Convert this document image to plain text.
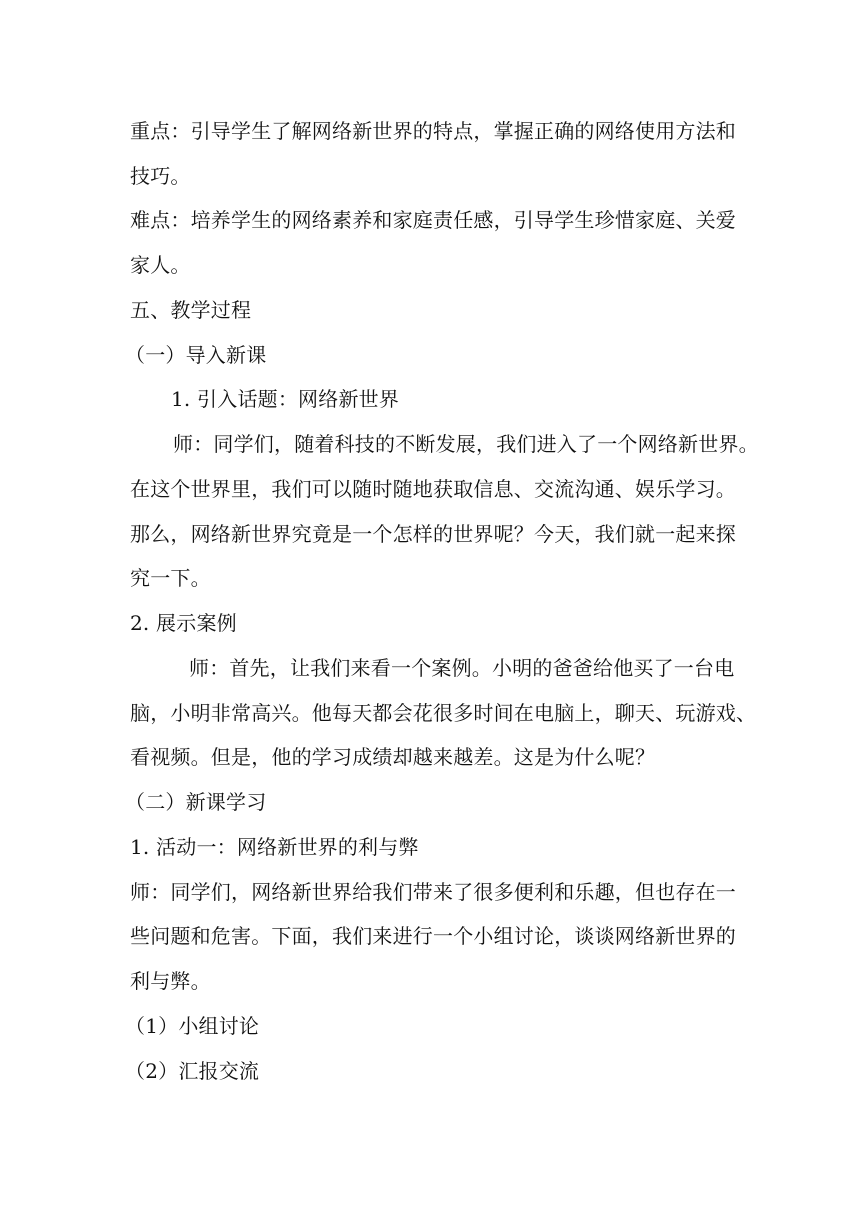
重点：引导学生了解网络新世界的特点，掌握正确的网络使用方法和
技巧。
难点：培养学生的网络素养和家庭责任感，引导学生珍惜家庭、关爱
家人。
五、教学过程
（一）导入新课
1. 引入话题：网络新世界
师：同学们，随着科技的不断发展，我们进入了一个网络新世界。
在这个世界里，我们可以随时随地获取信息、交流沟通、娱乐学习。
那么，网络新世界究竟是一个怎样的世界呢？今天，我们就一起来探
究一下。
2. 展示案例
师：首先，让我们来看一个案例。小明的爸爸给他买了一台电
脑，小明非常高兴。他每天都会花很多时间在电脑上，聊天、玩游戏、
看视频。但是，他的学习成绩却越来越差。这是为什么呢？
（二）新课学习
1. 活动一：网络新世界的利与弊
师：同学们，网络新世界给我们带来了很多便利和乐趣，但也存在一
些问题和危害。下面，我们来进行一个小组讨论，谈谈网络新世界的
利与弊。
（1）小组讨论
（2）汇报交流
